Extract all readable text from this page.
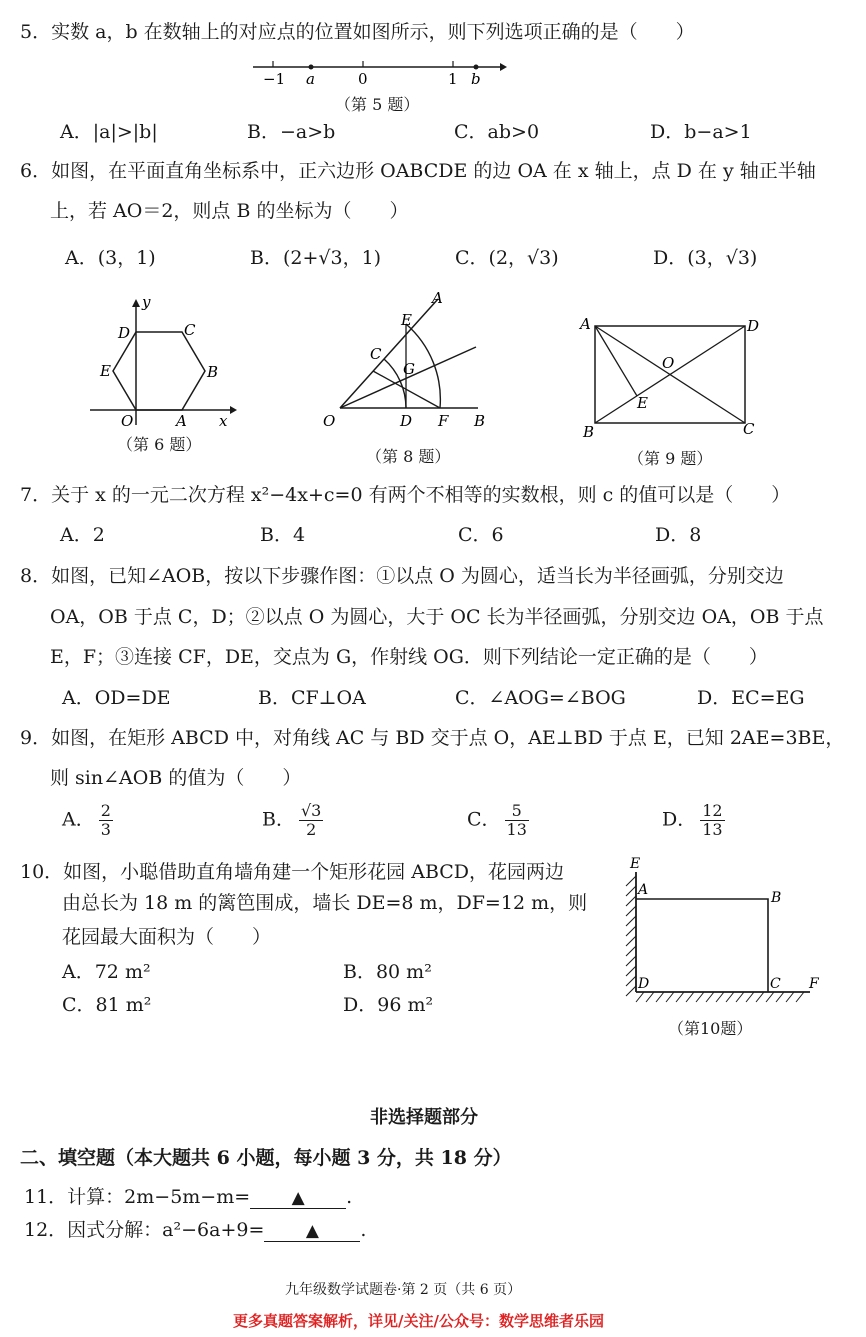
5．实数 a，b 在数轴上的对应点的位置如图所示，则下列选项正确的是（　　）
−1 a	0	1 b
（第 5 题）
A．|a|>|b|	B．−a>b	C．ab>0	D．b−a>1
6．如图，在平面直角坐标系中，正六边形 OABCDE 的边 OA 在 x 轴上，点 D 在 y 轴正半轴
上，若 AO＝2，则点 B 的坐标为（　　）
A．(3，1)	B．(2+√3，1)	C．(2，√3)	D．(3，√3)
D	C
E	B
O	A x
y
（第 6 题）
A
E
C
G
O	D F B
（第 8 题）
A	D
O
E
B	C
（第 9 题）
7．关于 x 的一元二次方程 x²−4x+c=0 有两个不相等的实数根，则 c 的值可以是（　　）
A．2	B．4	C．6	D．8
8．如图，已知∠AOB，按以下步骤作图：①以点 O 为圆心，适当长为半径画弧，分别交边
OA，OB 于点 C，D；②以点 O 为圆心，大于 OC 长为半径画弧，分别交边 OA，OB 于点
E，F；③连接 CF，DE，交点为 G，作射线 OG．则下列结论一定正确的是（　　）
A．OD=DE	B．CF⊥OA	C．∠AOG=∠BOG	D．EC=EG
9．如图，在矩形 ABCD 中，对角线 AC 与 BD 交于点 O，AE⊥BD 于点 E，已知 2AE=3BE，
则 sin∠AOB 的值为（　　）
A． $\frac{2}{3}$	B． $\frac{√3}{2}$	C． $\frac{5}{13}$	D． $\frac{12}{13}$
10．如图，小聪借助直角墙角建一个矩形花园 ABCD，花园两边
由总长为 18 m 的篱笆围成，墙长 DE=8 m，DF=12 m，则
花园最大面积为（　　）
A．72 m²	B．80 m²
C．81 m²	D．96 m²
E
A	B
D	C F
（第10题）
非选择题部分
二、填空题（本大题共 6 小题，每小题 3 分，共 18 分）
11．计算：2m−5m−m= ▲ .
12．因式分解：a²−6a+9= ▲ .
九年级数学试题卷·第 2 页（共 6 页）
更多真题答案解析，详见/关注/公众号：数学思维者乐园
